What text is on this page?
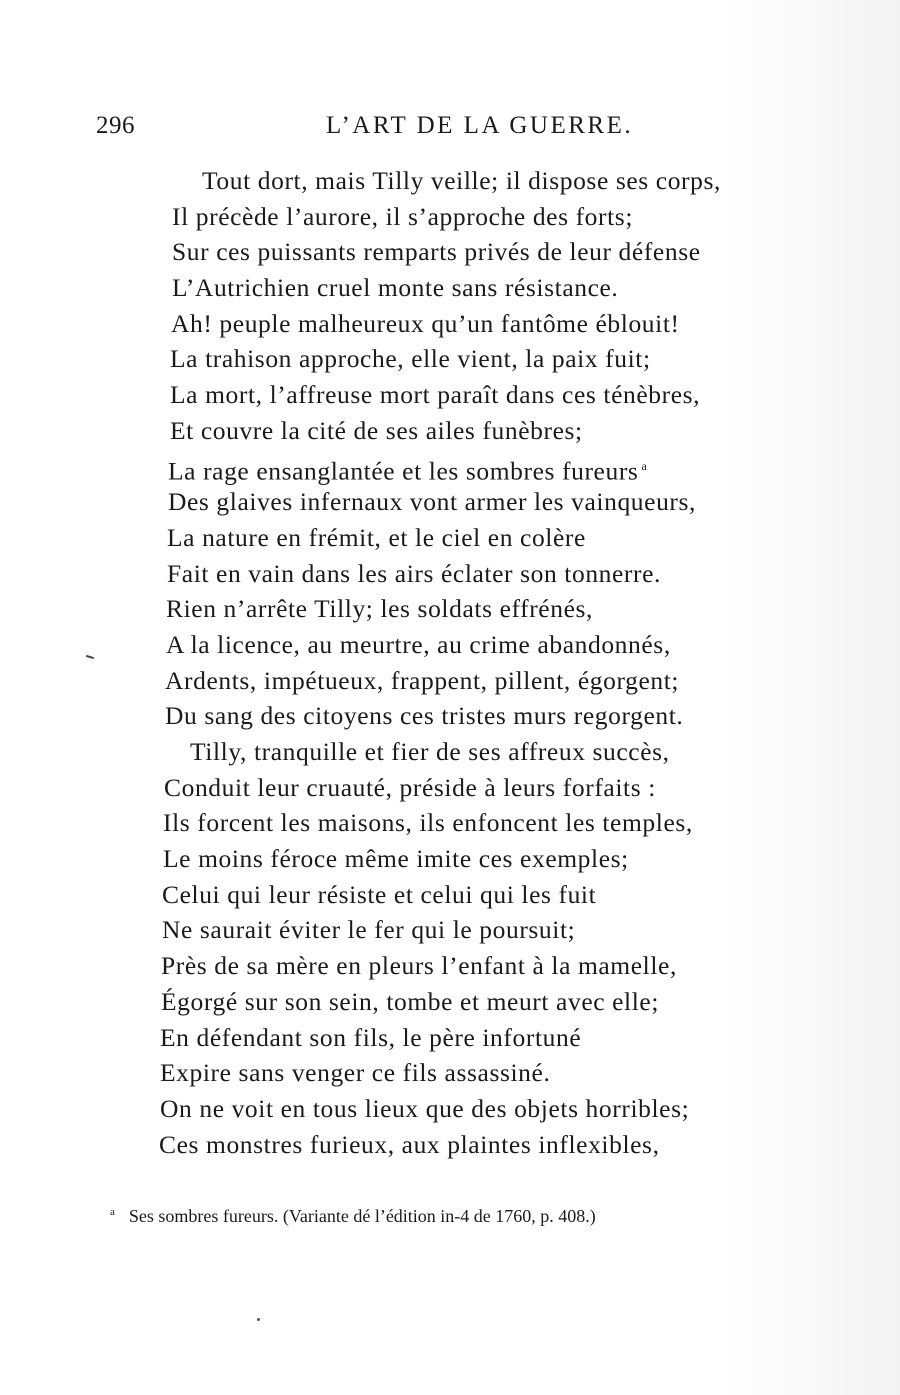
296	L’ART DE LA GUERRE.
Tout dort, mais Tilly veille; il dispose ses corps,
Il précède l’aurore, il s’approche des forts;
Sur ces puissants remparts privés de leur défense
L’Autrichien cruel monte sans résistance.
Ah! peuple malheureux qu’un fantôme éblouit!
La trahison approche, elle vient, la paix fuit;
La mort, l’affreuse mort paraît dans ces ténèbres,
Et couvre la cité de ses ailes funèbres;
La rage ensanglantée et les sombres fureurs $^a$
Des glaives infernaux vont armer les vainqueurs,
La nature en frémit, et le ciel en colère
Fait en vain dans les airs éclater son tonnerre.
Rien n’arrête Tilly; les soldats effrénés,
A la licence, au meurtre, au crime abandonnés,
Ardents, impétueux, frappent, pillent, égorgent;
Du sang des citoyens ces tristes murs regorgent.
Tilly, tranquille et fier de ses affreux succès,
Conduit leur cruauté, préside à leurs forfaits :
Ils forcent les maisons, ils enfoncent les temples,
Le moins féroce même imite ces exemples;
Celui qui leur résiste et celui qui les fuit
Ne saurait éviter le fer qui le poursuit;
Près de sa mère en pleurs l’enfant à la mamelle,
Égorgé sur son sein, tombe et meurt avec elle;
En défendant son fils, le père infortuné
Expire sans venger ce fils assassiné.
On ne voit en tous lieux que des objets horribles;
Ces monstres furieux, aux plaintes inflexibles,
$^a$ Ses sombres fureurs. (Variante dé l’édition in-4 de 1760, p. 408.)
